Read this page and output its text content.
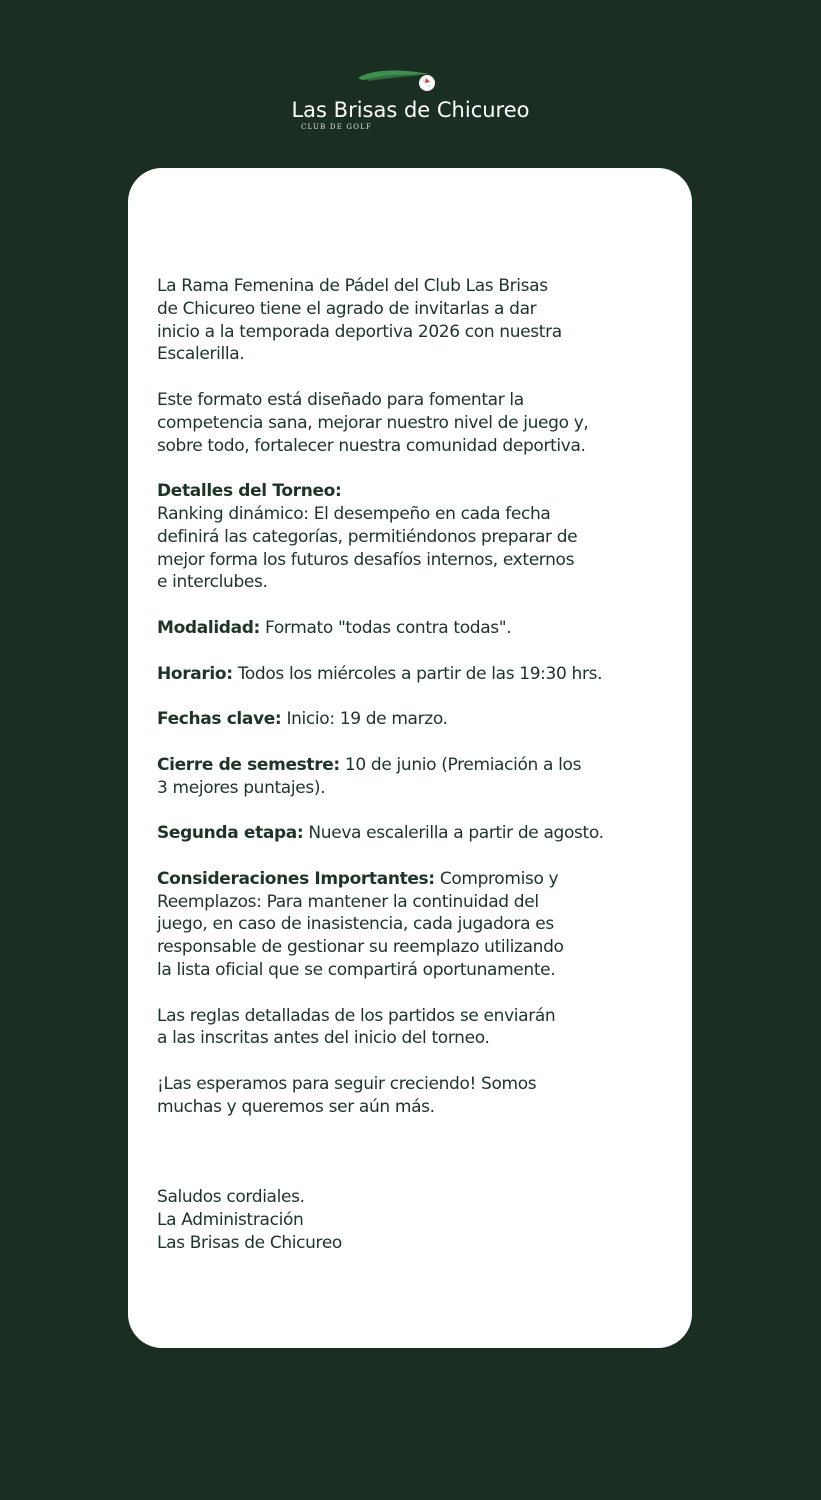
Las Brisas de Chicureo
CLUB DE GOLF

La Rama Femenina de Pádel del Club Las Brisas
de Chicureo tiene el agrado de invitarlas a dar
inicio a la temporada deportiva 2026 con nuestra
Escalerilla.

Este formato está diseñado para fomentar la
competencia sana, mejorar nuestro nivel de juego y,
sobre todo, fortalecer nuestra comunidad deportiva.

Detalles del Torneo:
Ranking dinámico: El desempeño en cada fecha
definirá las categorías, permitiéndonos preparar de
mejor forma los futuros desafíos internos, externos
e interclubes.

Modalidad: Formato "todas contra todas".

Horario: Todos los miércoles a partir de las 19:30 hrs.

Fechas clave: Inicio: 19 de marzo.

Cierre de semestre: 10 de junio (Premiación a los
3 mejores puntajes).

Segunda etapa: Nueva escalerilla a partir de agosto.

Consideraciones Importantes: Compromiso y
Reemplazos: Para mantener la continuidad del
juego, en caso de inasistencia, cada jugadora es
responsable de gestionar su reemplazo utilizando
la lista oficial que se compartirá oportunamente.

Las reglas detalladas de los partidos se enviarán
a las inscritas antes del inicio del torneo.

¡Las esperamos para seguir creciendo! Somos
muchas y queremos ser aún más.

Saludos cordiales.
La Administración
Las Brisas de Chicureo
